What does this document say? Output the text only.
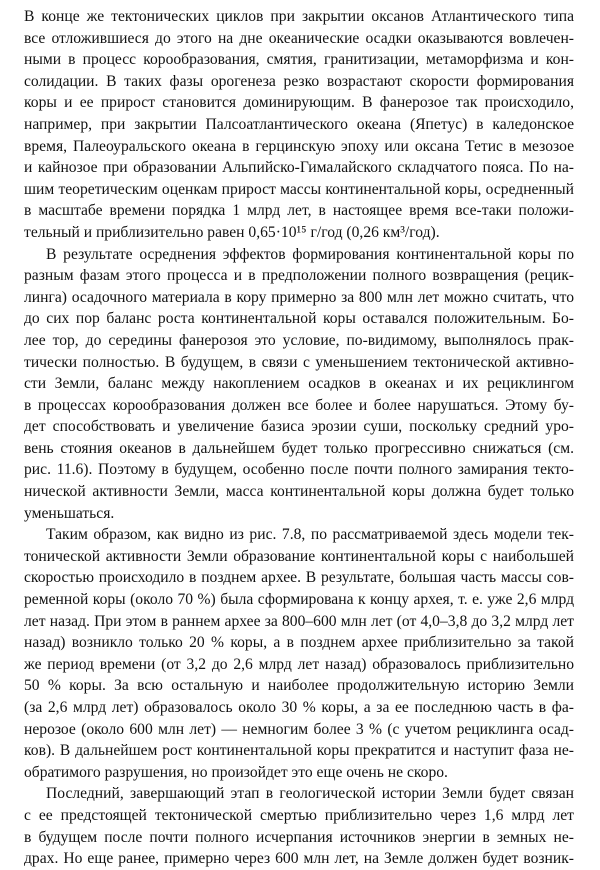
В конце же тектонических циклов при закрытии оксанов Атлантического типа
все отложившиеся до этого на дне океанические осадки оказываются вовлечен-
ными в процесс корообразования, смятия, гранитизации, метаморфизма и кон-
солидации. В таких фазы орогенеза резко возрастают скорости формирования
коры и ее прирост становится доминирующим. В фанерозое так происходило,
например, при закрытии Палсоатлантического океана (Япетус) в каледонское
время, Палеоуральского океана в герцинскую эпоху или оксана Тетис в мезозое
и кайнозое при образовании Альпийско-Гималайского складчатого пояса. По на-
шим теоретическим оценкам прирост массы континентальной коры, осредненный
в масштабе времени порядка 1 млрд лет, в настоящее время все-таки положи-
тельный и приблизительно равен 0,65·10¹⁵ г/год (0,26 км³/год).
В результате осреднения эффектов формирования континентальной коры по
разным фазам этого процесса и в предположении полного возвращения (рецик-
линга) осадочного материала в кору примерно за 800 млн лет можно считать, что
до сих пор баланс роста континентальной коры оставался положительным. Бо-
лее тор, до середины фанерозоя это условие, по-видимому, выполнялось прак-
тически полностью. В будущем, в связи с уменьшением тектонической активно-
сти Земли, баланс между накоплением осадков в океанах и их рециклингом
в процессах корообразования должен все более и более нарушаться. Этому бу-
дет способствовать и увеличение базиса эрозии суши, поскольку средний уро-
вень стояния океанов в дальнейшем будет только прогрессивно снижаться (см.
рис. 11.6). Поэтому в будущем, особенно после почти полного замирания текто-
нической активности Земли, масса континентальной коры должна будет только
уменьшаться.
Таким образом, как видно из рис. 7.8, по рассматриваемой здесь модели тек-
тонической активности Земли образование континентальной коры с наибольшей
скоростью происходило в позднем архее. В результате, большая часть массы сов-
ременной коры (около 70 %) была сформирована к концу архея, т. е. уже 2,6 млрд
лет назад. При этом в раннем архее за 800–600 млн лет (от 4,0–3,8 до 3,2 млрд лет
назад) возникло только 20 % коры, а в позднем архее приблизительно за такой
же период времени (от 3,2 до 2,6 млрд лет назад) образовалось приблизительно
50 % коры. За всю остальную и наиболее продолжительную историю Земли
(за 2,6 млрд лет) образовалось около 30 % коры, а за ее последнюю часть в фа-
нерозое (около 600 млн лет) — немногим более 3 % (с учетом рециклинга осад-
ков). В дальнейшем рост континентальной коры прекратится и наступит фаза не-
обратимого разрушения, но произойдет это еще очень не скоро.
Последний, завершающий этап в геологической истории Земли будет связан
с ее предстоящей тектонической смертью приблизительно через 1,6 млрд лет
в будущем после почти полного исчерпания источников энергии в земных не-
драх. Но еще ранее, примерно через 600 млн лет, на Земле должен будет возник-
